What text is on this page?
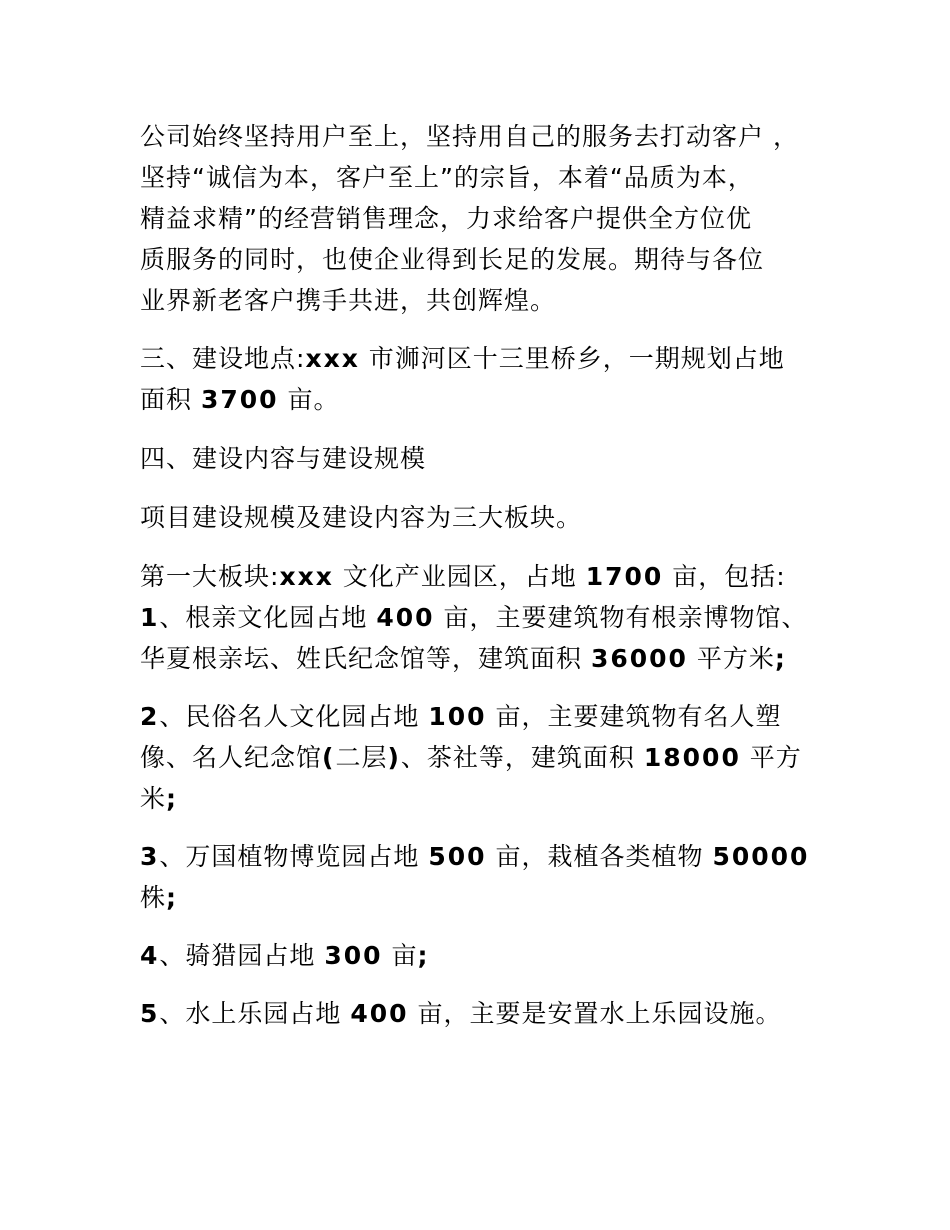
公司始终坚持用户至上，坚持用自己的服务去打动客户 ，
坚持“诚信为本，客户至上”的宗旨，本着“品质为本，
精益求精”的经营销售理念，力求给客户提供全方位优
质服务的同时，也使企业得到长足的发展。期待与各位
业界新老客户携手共进，共创辉煌。

三、建设地点:xxx 市浉河区十三里桥乡，一期规划占地
面积 3700 亩。

四、建设内容与建设规模

项目建设规模及建设内容为三大板块。

第一大板块:xxx 文化产业园区，占地 1700 亩，包括:
1、根亲文化园占地 400 亩，主要建筑物有根亲博物馆、
华夏根亲坛、姓氏纪念馆等，建筑面积 36000 平方米;

2、民俗名人文化园占地 100 亩，主要建筑物有名人塑
像、名人纪念馆(二层)、茶社等，建筑面积 18000 平方
米;

3、万国植物博览园占地 500 亩，栽植各类植物 50000
株;

4、骑猎园占地 300 亩;

5、水上乐园占地 400 亩，主要是安置水上乐园设施。
